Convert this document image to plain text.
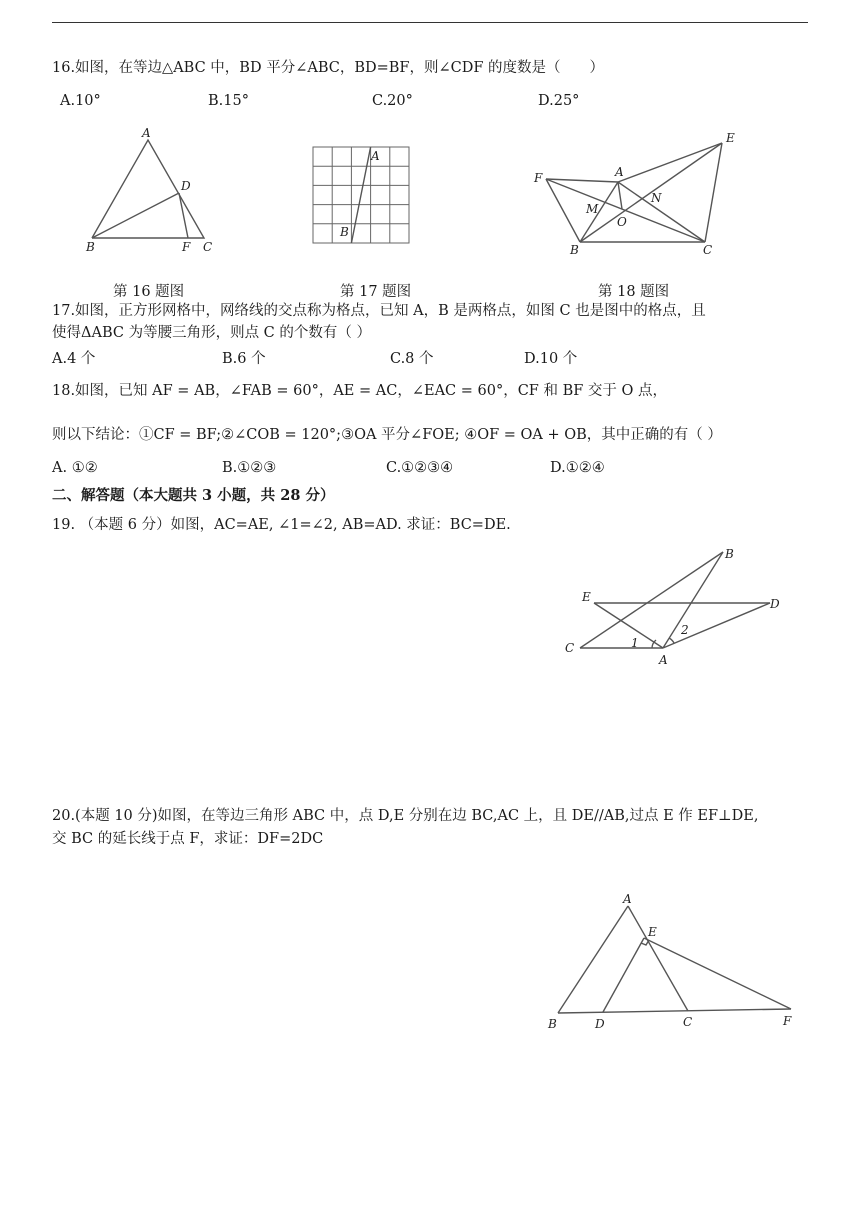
16.如图，在等边△ABC 中，BD 平分∠ABC，BD=BF，则∠CDF 的度数是（　　）
A.10°	B.15°	C.20°	D.25°
A
D
B	F C
A
B
E
F	A
N
M
O
B	C
第 16 题图	第 17 题图	第 18 题图
17.如图，正方形网格中，网络线的交点称为格点，已知 A，B 是两格点，如图 C 也是图中的格点，且
使得ΔABC 为等腰三角形，则点 C 的个数有（ ）
A.4 个	B.6 个	C.8 个	D.10 个
18.如图，已知 AF = AB，∠FAB = 60°，AE = AC，∠EAC = 60°，CF 和 BF 交于 O 点，
则以下结论：①CF = BF;②∠COB = 120°;③OA 平分∠FOE; ④OF = OA + OB，其中正确的有（ ）
A. ①②	B.①②③	C.①②③④	D.①②④
二、解答题（本大题共 3 小题，共 28 分）
19. （本题 6 分）如图，AC=AE, ∠1=∠2, AB=AD. 求证：BC=DE.
B
E	D
C	1
2
A
20.(本题 10 分)如图，在等边三角形 ABC 中，点 D,E 分别在边 BC,AC 上，且 DE//AB,过点 E 作 EF⊥DE,
交 BC 的延长线于点 F，求证：DF=2DC
A
E
B	D	C	F
